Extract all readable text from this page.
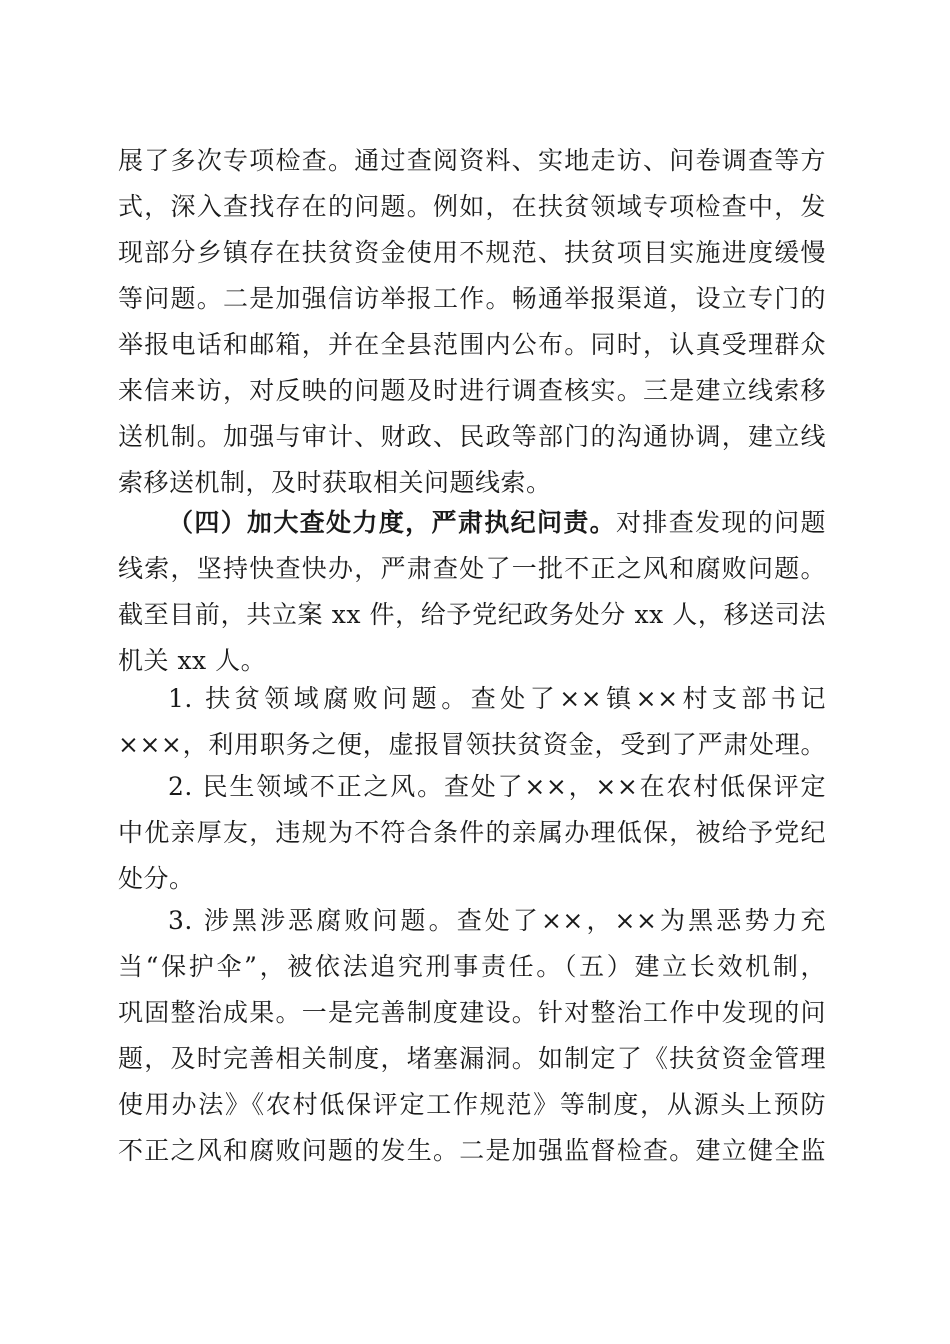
展了多次专项检查。通过查阅资料、实地走访、问卷调查等方
式，深入查找存在的问题。例如，在扶贫领域专项检查中，发
现部分乡镇存在扶贫资金使用不规范、扶贫项目实施进度缓慢
等问题。二是加强信访举报工作。畅通举报渠道，设立专门的
举报电话和邮箱，并在全县范围内公布。同时，认真受理群众
来信来访，对反映的问题及时进行调查核实。三是建立线索移
送机制。加强与审计、财政、民政等部门的沟通协调，建立线
索移送机制，及时获取相关问题线索。
（四）加大查处力度，严肃执纪问责。对排查发现的问题
线索，坚持快查快办，严肃查处了一批不正之风和腐败问题。
截至目前，共立案 xx 件，给予党纪政务处分 xx 人，移送司法
机关 xx 人。
1. 扶贫领域腐败问题。查处了××镇××村支部书记
×××，利用职务之便，虚报冒领扶贫资金，受到了严肃处理。
2. 民生领域不正之风。查处了××，××在农村低保评定
中优亲厚友，违规为不符合条件的亲属办理低保，被给予党纪
处分。
3. 涉黑涉恶腐败问题。查处了××，××为黑恶势力充
当“保护伞”，被依法追究刑事责任。（五）建立长效机制，
巩固整治成果。一是完善制度建设。针对整治工作中发现的问
题，及时完善相关制度，堵塞漏洞。如制定了《扶贫资金管理
使用办法》《农村低保评定工作规范》等制度，从源头上预防
不正之风和腐败问题的发生。二是加强监督检查。建立健全监
